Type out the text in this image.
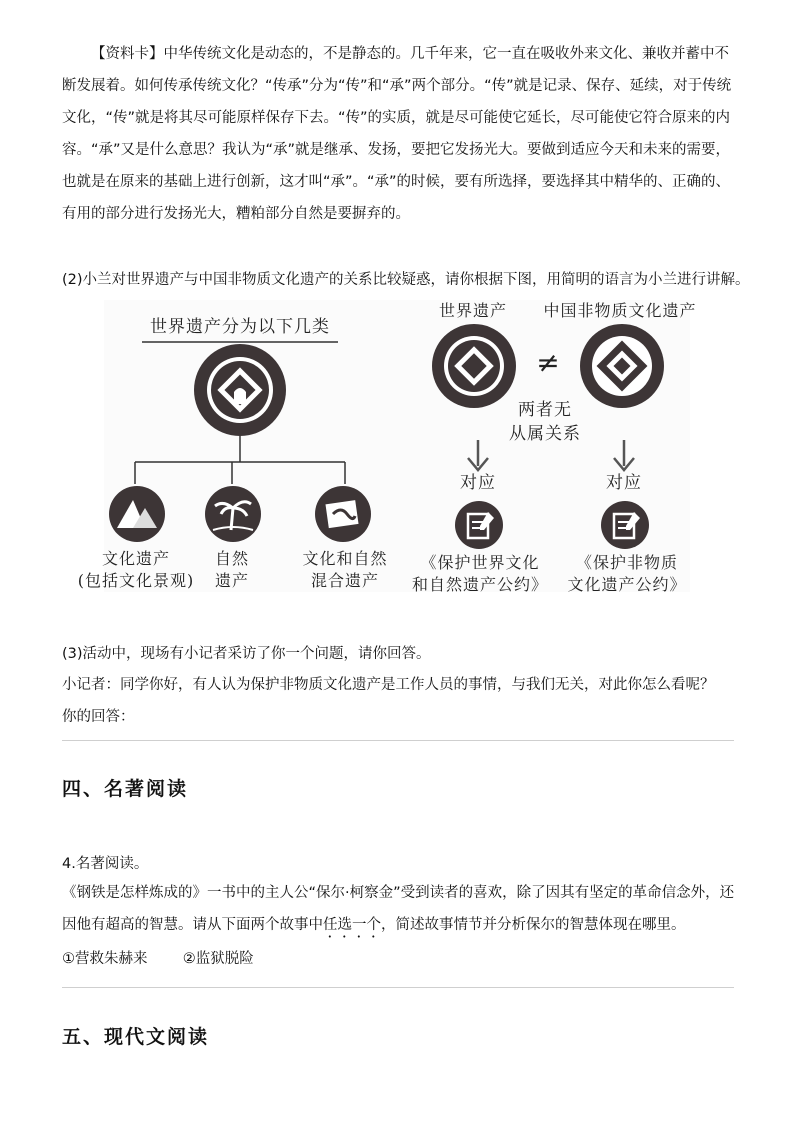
【资料卡】中华传统文化是动态的，不是静态的。几千年来，它一直在吸收外来文化、兼收并蓄中不断发展着。如何传承传统文化？“传承”分为“传”和“承”两个部分。“传”就是记录、保存、延续，对于传统文化，“传”就是将其尽可能原样保存下去。“传”的实质，就是尽可能使它延长，尽可能使它符合原来的内容。“承”又是什么意思？我认为“承”就是继承、发扬，要把它发扬光大。要做到适应今天和未来的需要，也就是在原来的基础上进行创新，这才叫“承”。“承”的时候，要有所选择，要选择其中精华的、正确的、有用的部分进行发扬光大，糟粕部分自然是要摒弃的。
(2)小兰对世界遗产与中国非物质文化遗产的关系比较疑惑，请你根据下图，用简明的语言为小兰进行讲解。
世界遗产分为以下几类
文化遗产
(包括文化景观)
自然
遗产
文化和自然
混合遗产
世界遗产	中国非物质文化遗产
≠
两者无
从属关系
对应	对应
《保护世界文化
和自然遗产公约》
《保护非物质
文化遗产公约》
(3)活动中，现场有小记者采访了你一个问题，请你回答。
小记者：同学你好，有人认为保护非物质文化遗产是工作人员的事情，与我们无关，对此你怎么看呢？
你的回答：
四、名著阅读
4.名著阅读。
《钢铁是怎样炼成的》一书中的主人公“保尔·柯察金”受到读者的喜欢，除了因其有坚定的革命信念外，还因他有超高的智慧。请从下面两个故事中任选一个，简述故事情节并分析保尔的智慧体现在哪里。
①营救朱赫来 ②监狱脱险
五、现代文阅读
